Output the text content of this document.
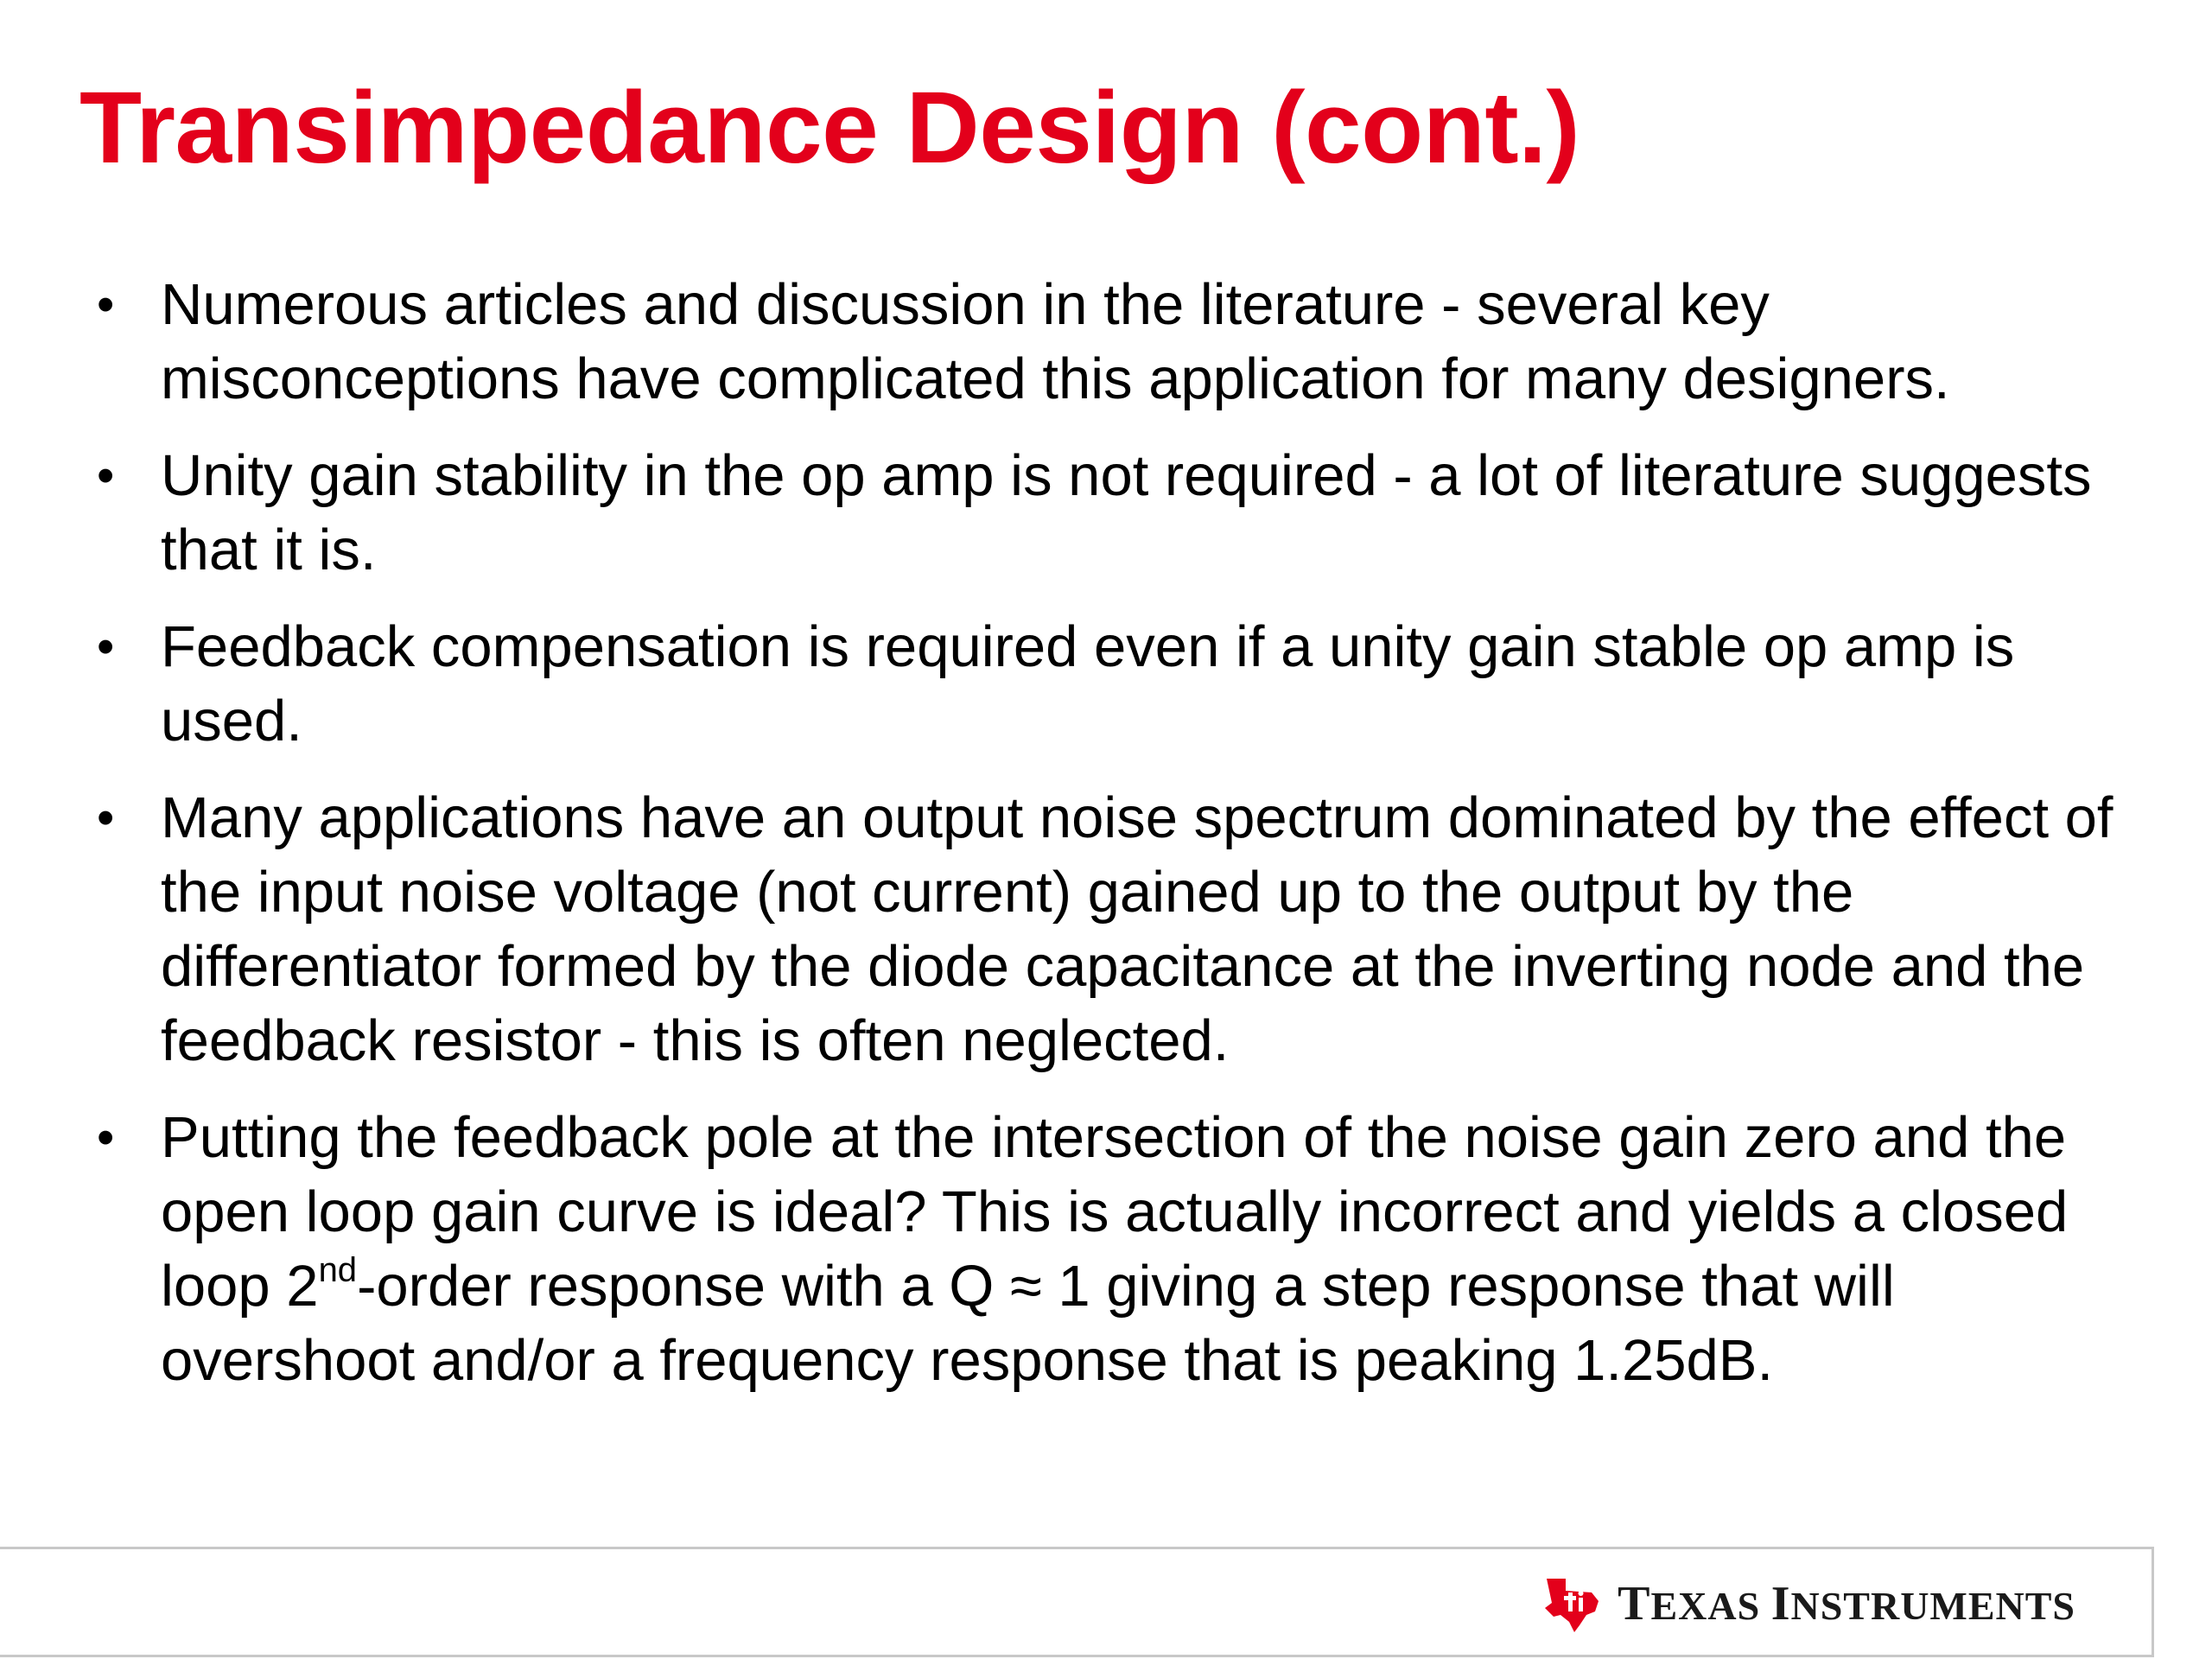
Transimpedance Design (cont.)
• Numerous articles and discussion in the literature - several key misconceptions have complicated this application for many designers.
• Unity gain stability in the op amp is not required - a lot of literature suggests that it is.
• Feedback compensation is required even if a unity gain stable op amp is used.
• Many applications have an output noise spectrum dominated by the effect of the input noise voltage (not current) gained up to the output by the differentiator formed by the diode capacitance at the inverting node and the feedback resistor - this is often neglected.
• Putting the feedback pole at the intersection of the noise gain zero and the open loop gain curve is ideal? This is actually incorrect and yields a closed loop 2nd-order response with a Q ≈ 1 giving a step response that will overshoot and/or a frequency response that is peaking 1.25dB.
TEXAS INSTRUMENTS
